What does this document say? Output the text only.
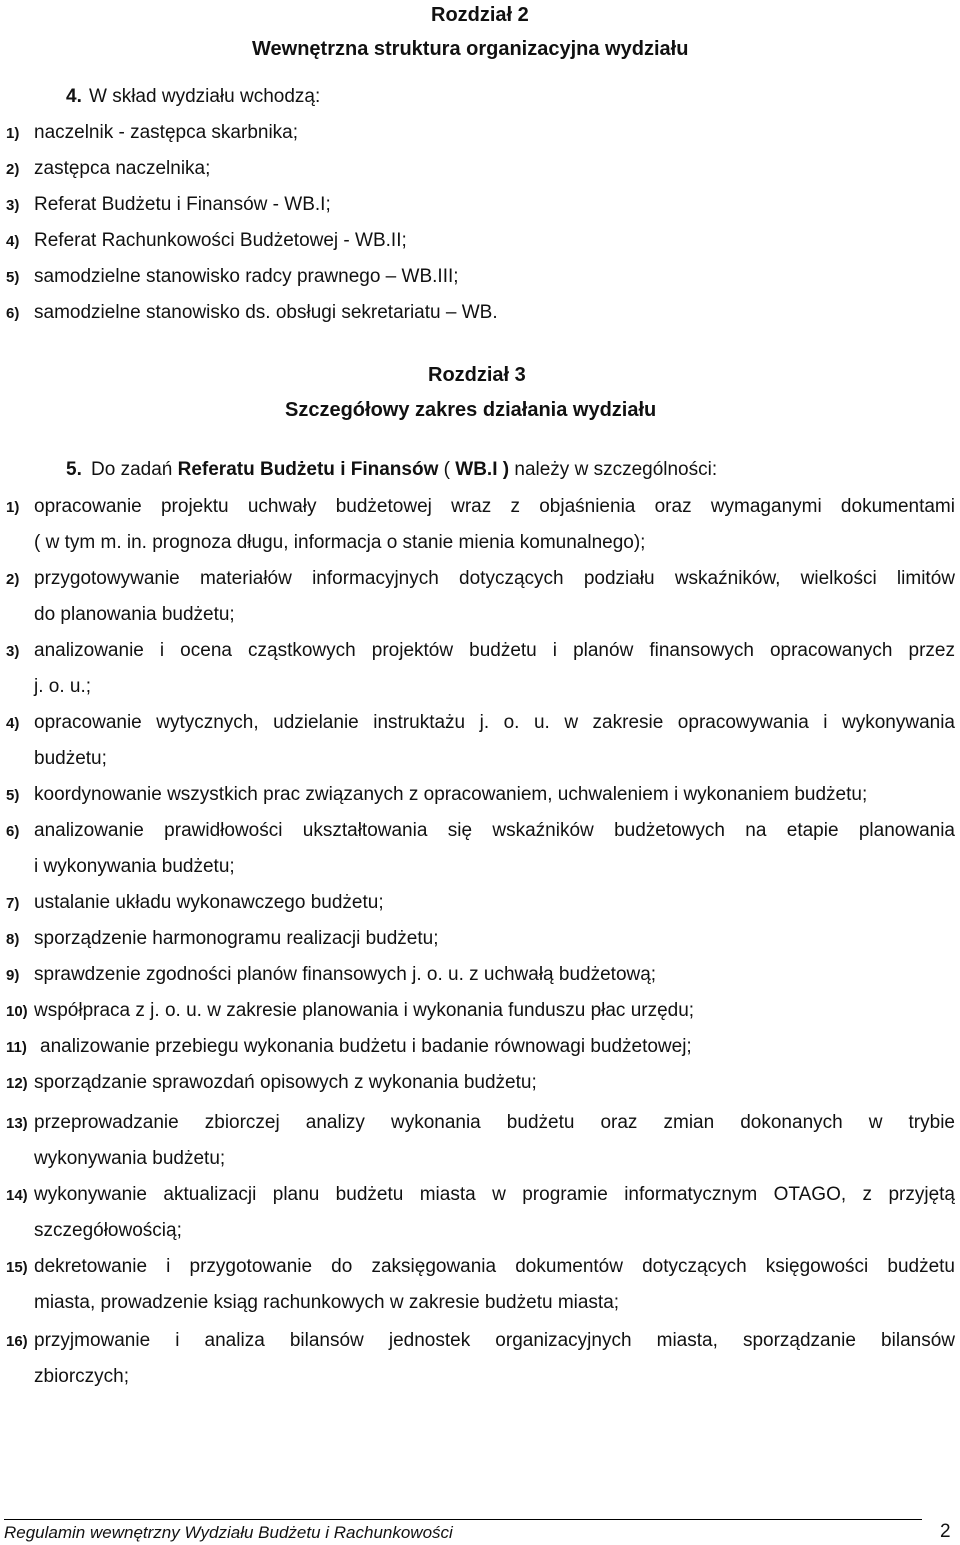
Rozdział 2
Wewnętrzna struktura organizacyjna wydziału
4. W skład wydziału wchodzą:
1) naczelnik - zastępca skarbnika;
2) zastępca naczelnika;
3) Referat Budżetu i Finansów - WB.I;
4) Referat Rachunkowości Budżetowej - WB.II;
5) samodzielne stanowisko radcy prawnego – WB.III;
6) samodzielne stanowisko ds. obsługi sekretariatu – WB.
Rozdział 3
Szczegółowy zakres działania wydziału
5. Do zadań Referatu Budżetu i Finansów ( WB.I ) należy w szczególności:
1) opracowanie projektu uchwały budżetowej wraz z objaśnienia oraz wymaganymi dokumentami
( w tym m. in. prognoza długu, informacja o stanie mienia komunalnego);
2) przygotowywanie materiałów informacyjnych dotyczących podziału wskaźników, wielkości limitów
do planowania budżetu;
3) analizowanie i ocena cząstkowych projektów budżetu i planów finansowych opracowanych przez
j. o. u.;
4) opracowanie wytycznych, udzielanie instruktażu j. o. u. w zakresie opracowywania i wykonywania
budżetu;
5) koordynowanie wszystkich prac związanych z opracowaniem, uchwaleniem i wykonaniem budżetu;
6) analizowanie prawidłowości ukształtowania się wskaźników budżetowych na etapie planowania
i wykonywania budżetu;
7) ustalanie układu wykonawczego budżetu;
8) sporządzenie harmonogramu realizacji budżetu;
9) sprawdzenie zgodności planów finansowych j. o. u. z uchwałą budżetową;
10) współpraca z j. o. u. w zakresie planowania i wykonania funduszu płac urzędu;
11) analizowanie przebiegu wykonania budżetu i badanie równowagi budżetowej;
12) sporządzanie sprawozdań opisowych z wykonania budżetu;
13) przeprowadzanie zbiorczej analizy wykonania budżetu oraz zmian dokonanych w trybie
wykonywania budżetu;
14) wykonywanie aktualizacji planu budżetu miasta w programie informatycznym OTAGO, z przyjętą
szczegółowością;
15) dekretowanie i przygotowanie do zaksięgowania dokumentów dotyczących księgowości budżetu
miasta, prowadzenie ksiąg rachunkowych w zakresie budżetu miasta;
16) przyjmowanie i analiza bilansów jednostek organizacyjnych miasta, sporządzanie bilansów
zbiorczych;
Regulamin wewnętrzny Wydziału Budżetu i Rachunkowości	2
